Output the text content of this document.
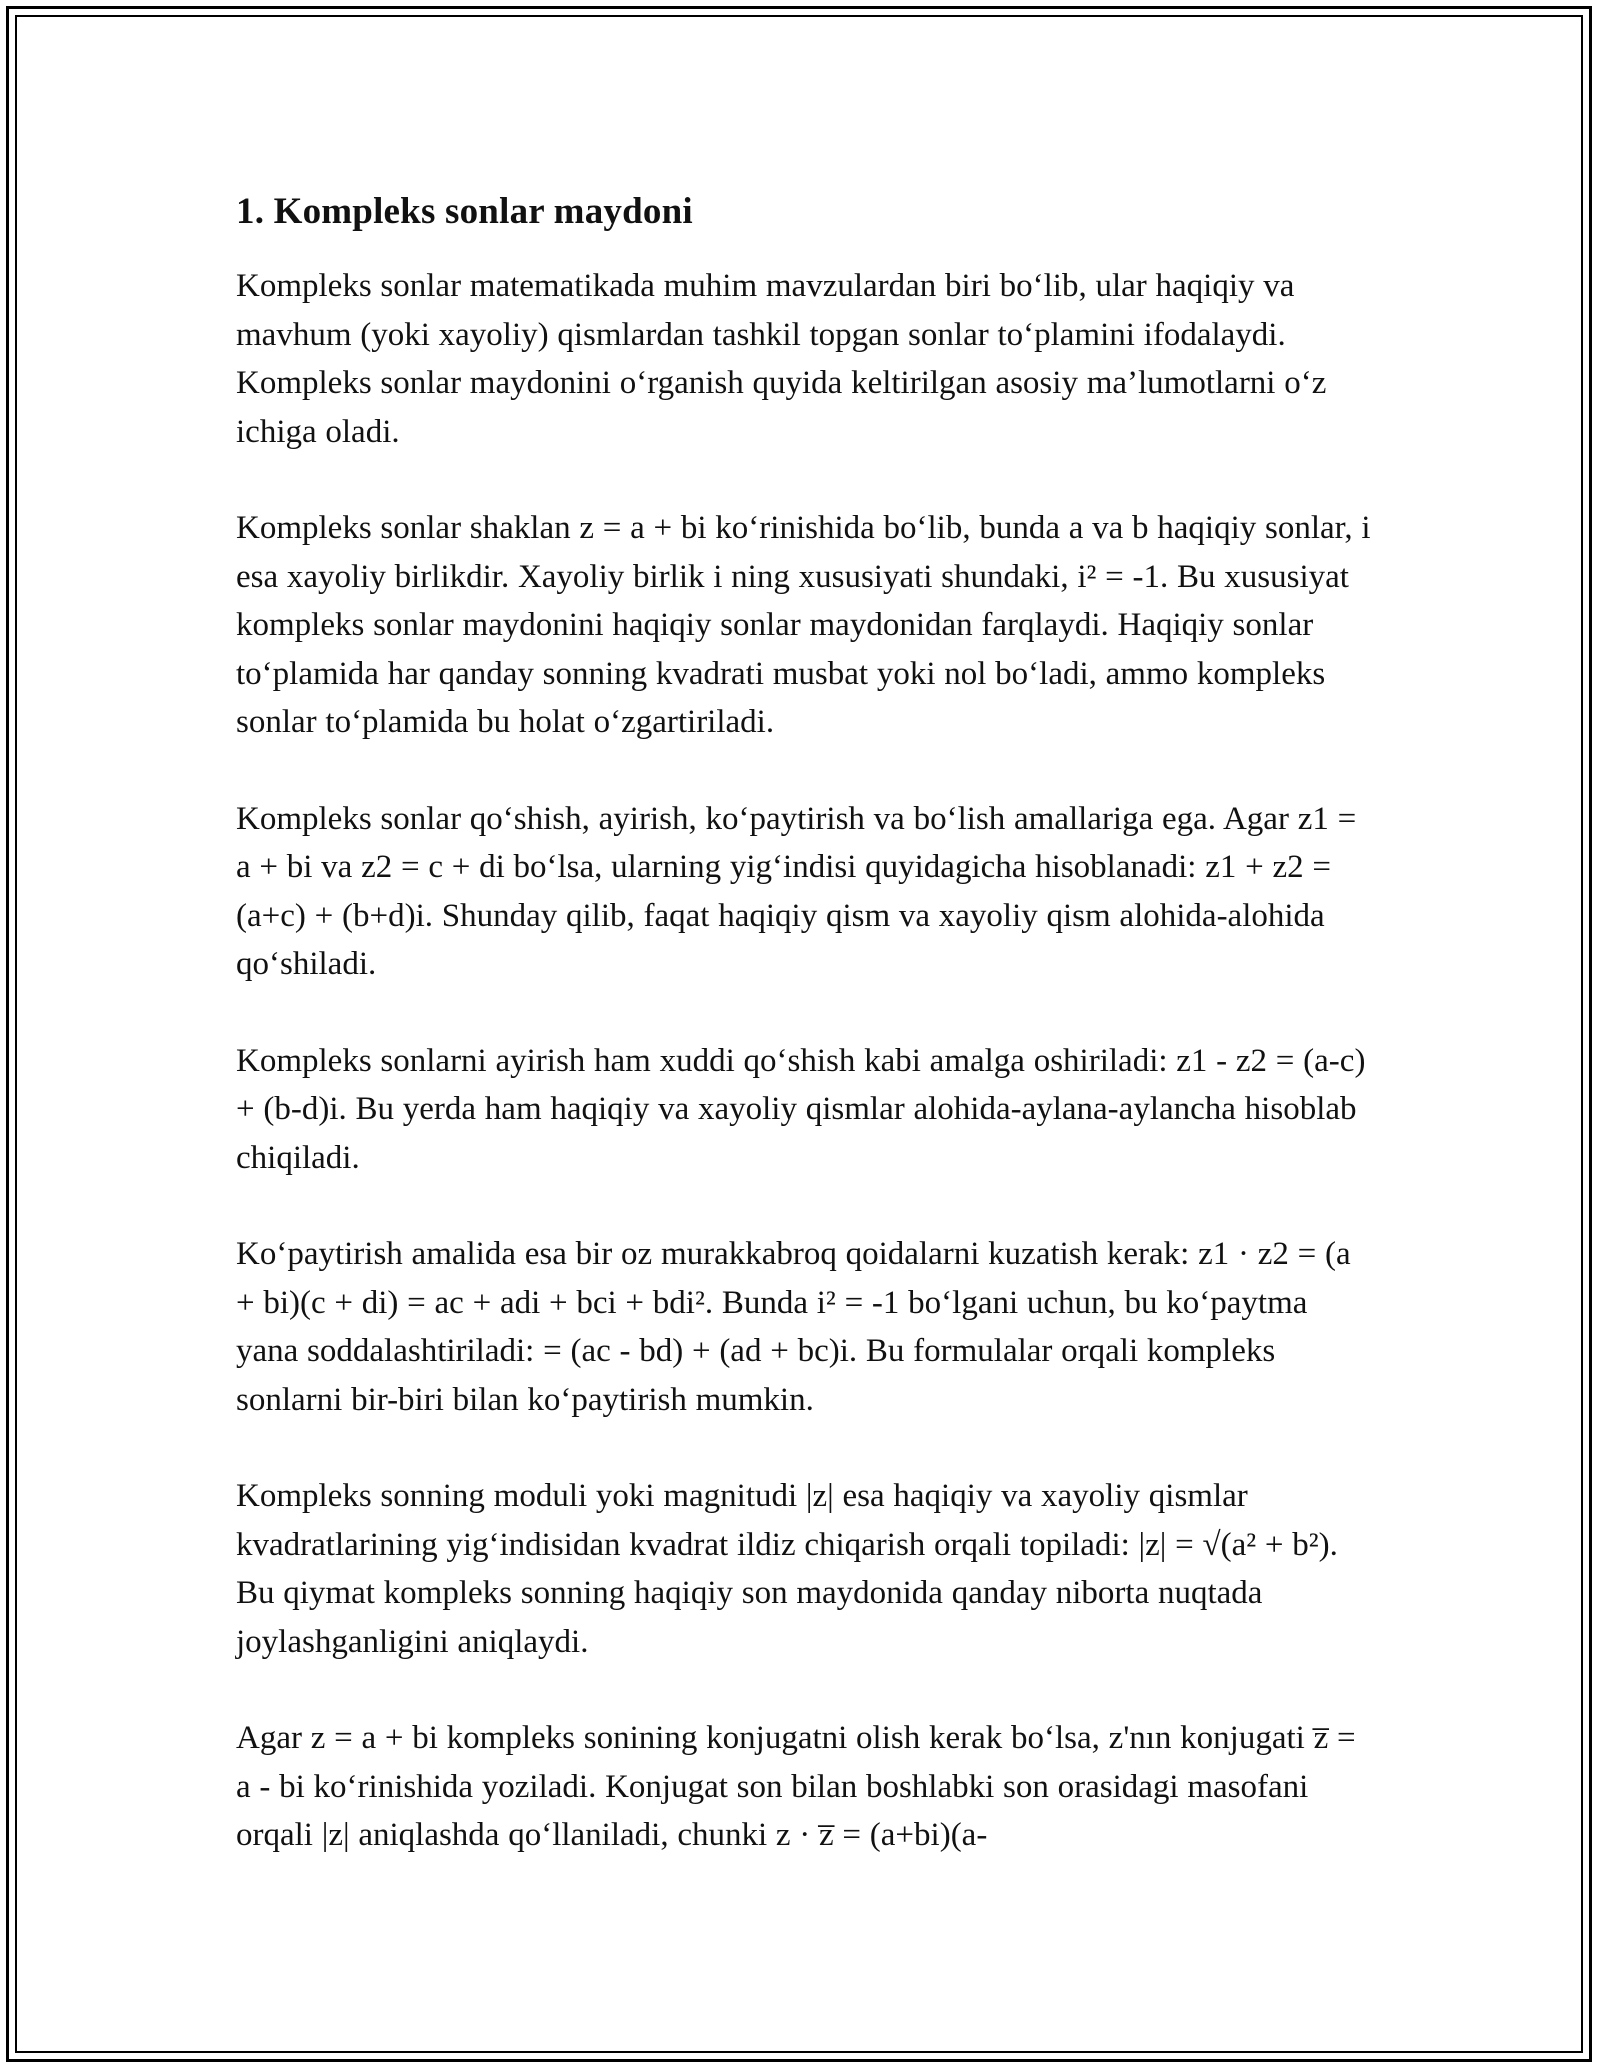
1. Kompleks sonlar maydoni

Kompleks sonlar matematikada muhim mavzulardan biri bo‘lib, ular haqiqiy va mavhum (yoki xayoliy) qismlardan tashkil topgan sonlar to‘plamini ifodalaydi. Kompleks sonlar maydonini o‘rganish quyida keltirilgan asosiy ma’lumotlarni o‘z ichiga oladi.

Kompleks sonlar shaklan z = a + bi ko‘rinishida bo‘lib, bunda a va b haqiqiy sonlar, i esa xayoliy birlikdir. Xayoliy birlik i ning xususiyati shundaki, i² = -1. Bu xususiyat kompleks sonlar maydonini haqiqiy sonlar maydonidan farqlaydi. Haqiqiy sonlar to‘plamida har qanday sonning kvadrati musbat yoki nol bo‘ladi, ammo kompleks sonlar to‘plamida bu holat o‘zgartiriladi.

Kompleks sonlar qo‘shish, ayirish, ko‘paytirish va bo‘lish amallariga ega. Agar z1 = a + bi va z2 = c + di bo‘lsa, ularning yig‘indisi quyidagicha hisoblanadi: z1 + z2 = (a+c) + (b+d)i. Shunday qilib, faqat haqiqiy qism va xayoliy qism alohida-alohida qo‘shiladi.

Kompleks sonlarni ayirish ham xuddi qo‘shish kabi amalga oshiriladi: z1 - z2 = (a-c) + (b-d)i. Bu yerda ham haqiqiy va xayoliy qismlar alohida-aylana-aylancha hisoblab chiqiladi.

Ko‘paytirish amalida esa bir oz murakkabroq qoidalarni kuzatish kerak: z1 · z2 = (a + bi)(c + di) = ac + adi + bci + bdi². Bunda i² = -1 bo‘lgani uchun, bu ko‘paytma yana soddalashtiriladi: = (ac - bd) + (ad + bc)i. Bu formulalar orqali kompleks sonlarni bir-biri bilan ko‘paytirish mumkin.

Kompleks sonning moduli yoki magnitudi |z| esa haqiqiy va xayoliy qismlar kvadratlarining yig‘indisidan kvadrat ildiz chiqarish orqali topiladi: |z| = √(a² + b²). Bu qiymat kompleks sonning haqiqiy son maydonida qanday niborta nuqtada joylashganligini aniqlaydi.

Agar z = a + bi kompleks sonining konjugatni olish kerak bo‘lsa, z'nın konjugati z̅ = a - bi ko‘rinishida yoziladi. Konjugat son bilan boshlabki son orasidagi masofani orqali |z| aniqlashda qo‘llaniladi, chunki z · z̅ = (a+bi)(a-
